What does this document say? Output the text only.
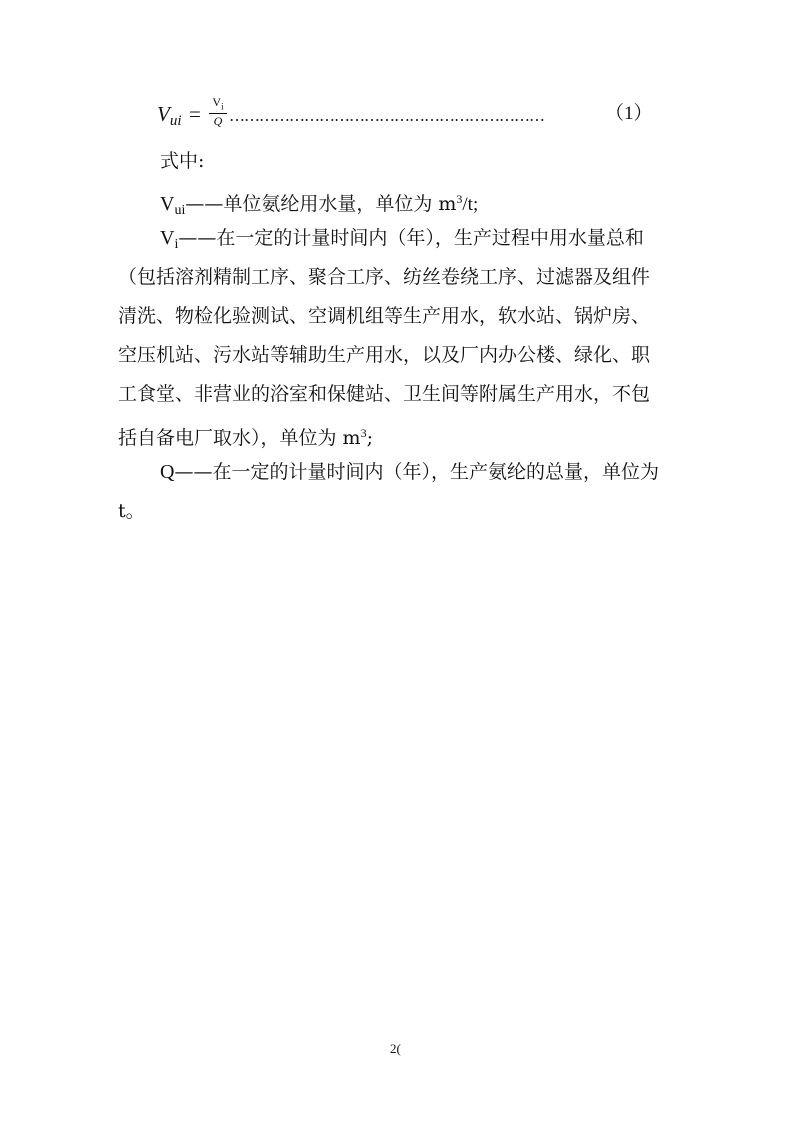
$V_{ui} = \frac{V_i}{Q}$ ………………………………………………………	（1）
式中:
$V_{ui}——$单位氨纶用水量，单位为 $m^3/t$;
$V_i——$在一定的计量时间内（年），生产过程中用水量总和
（包括溶剂精制工序、聚合工序、纺丝卷绕工序、过滤器及组件
清洗、物检化验测试、空调机组等生产用水，软水站、锅炉房、
空压机站、污水站等辅助生产用水，以及厂内办公楼、绿化、职
工食堂、非营业的浴室和保健站、卫生间等附属生产用水，不包
括自备电厂取水），单位为 $m^3$;
Q——在一定的计量时间内（年），生产氨纶的总量，单位为
t。
2(
